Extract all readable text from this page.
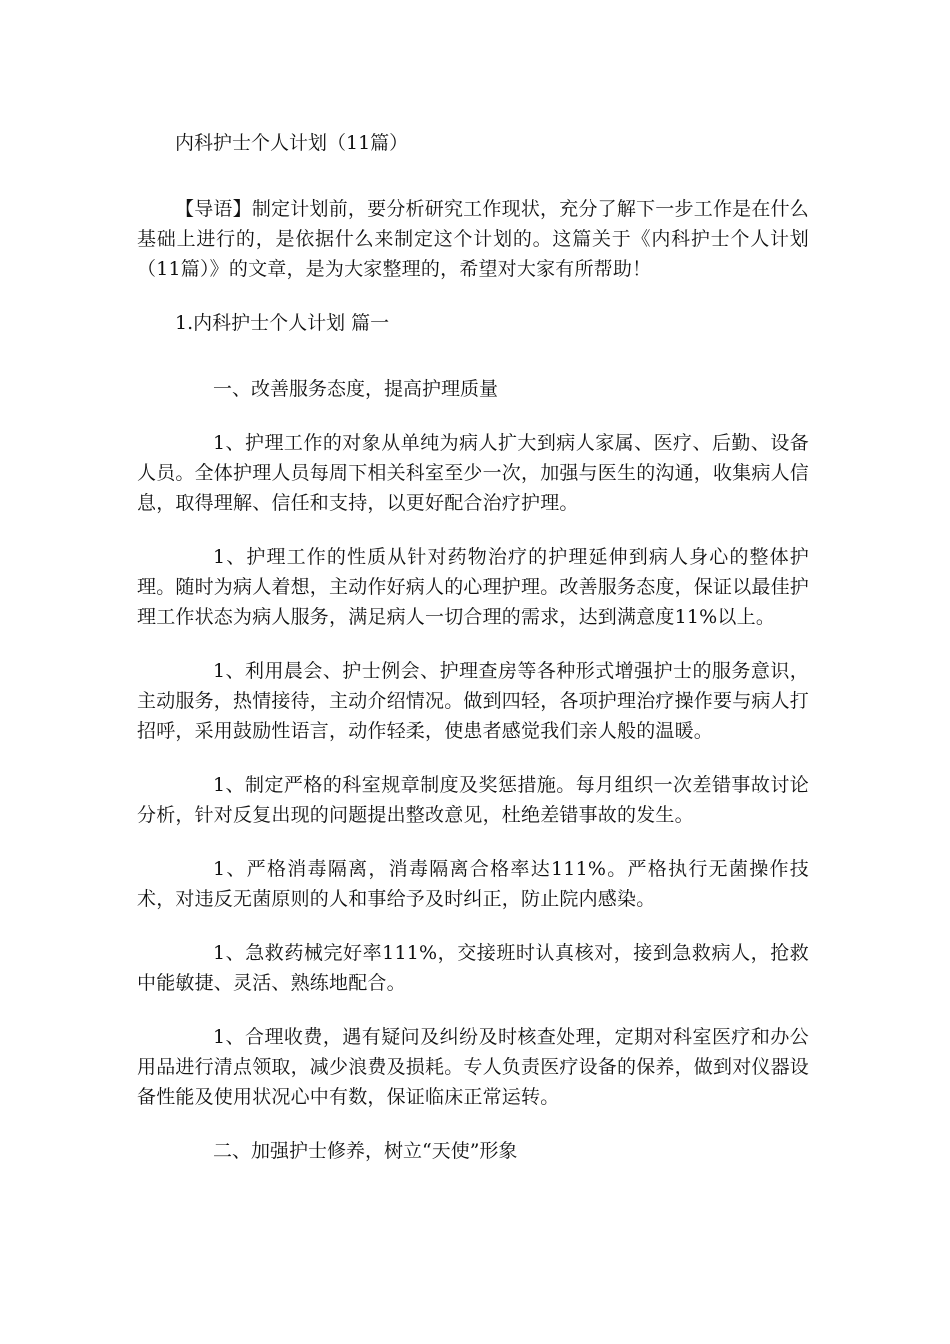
内科护士个人计划（11篇）

【导语】制定计划前，要分析研究工作现状，充分了解下一步工作是在什么基础上进行的，是依据什么来制定这个计划的。这篇关于《内科护士个人计划（11篇）》的文章，是为大家整理的，希望对大家有所帮助！

1.内科护士个人计划 篇一

一、改善服务态度，提高护理质量

1、护理工作的对象从单纯为病人扩大到病人家属、医疗、后勤、设备人员。全体护理人员每周下相关科室至少一次，加强与医生的沟通，收集病人信息，取得理解、信任和支持，以更好配合治疗护理。

1、护理工作的性质从针对药物治疗的护理延伸到病人身心的整体护理。随时为病人着想，主动作好病人的心理护理。改善服务态度，保证以最佳护理工作状态为病人服务，满足病人一切合理的需求，达到满意度11%以上。

1、利用晨会、护士例会、护理查房等各种形式增强护士的服务意识，主动服务，热情接待，主动介绍情况。做到四轻，各项护理治疗操作要与病人打招呼，采用鼓励性语言，动作轻柔，使患者感觉我们亲人般的温暖。

1、制定严格的科室规章制度及奖惩措施。每月组织一次差错事故讨论分析，针对反复出现的问题提出整改意见，杜绝差错事故的发生。

1、严格消毒隔离，消毒隔离合格率达111%。严格执行无菌操作技术，对违反无菌原则的人和事给予及时纠正，防止院内感染。

1、急救药械完好率111%，交接班时认真核对，接到急救病人，抢救中能敏捷、灵活、熟练地配合。

1、合理收费，遇有疑问及纠纷及时核查处理，定期对科室医疗和办公用品进行清点领取，减少浪费及损耗。专人负责医疗设备的保养，做到对仪器设备性能及使用状况心中有数，保证临床正常运转。

二、加强护士修养，树立“天使”形象
